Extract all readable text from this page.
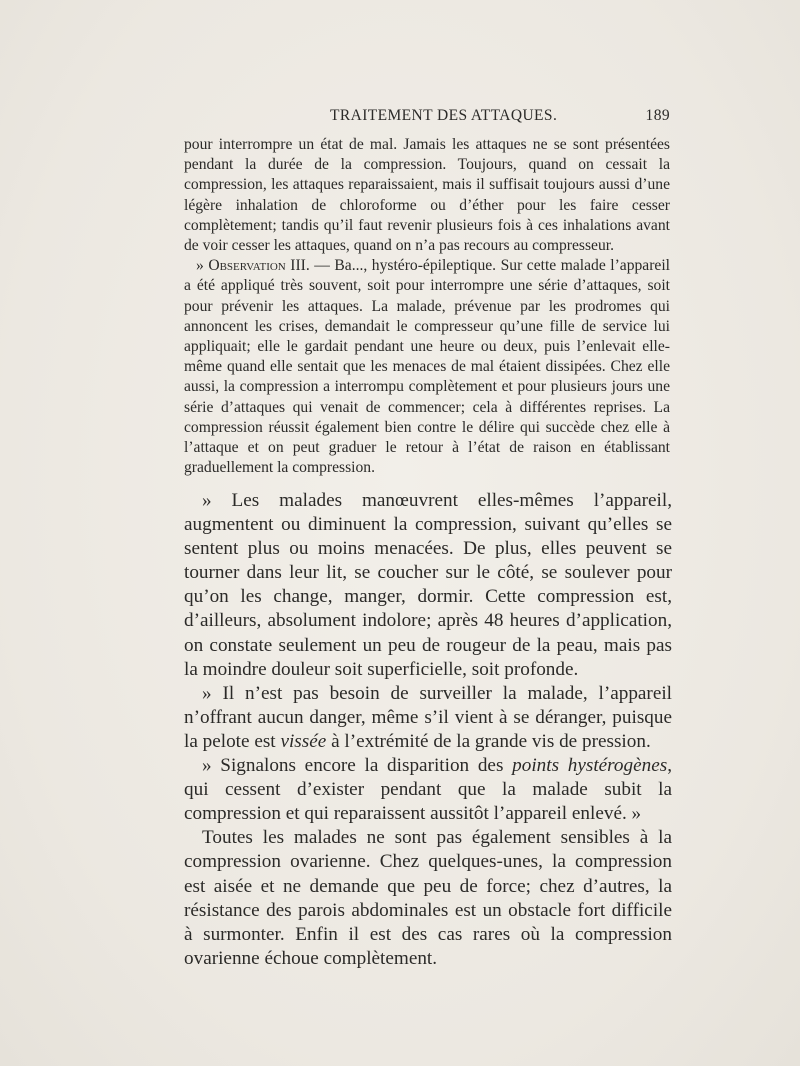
TRAITEMENT DES ATTAQUES.	189

pour interrompre un état de mal. Jamais les attaques ne se sont présentées pendant la durée de la compression. Toujours, quand on cessait la compression, les attaques reparaissaient, mais il suffisait toujours aussi d’une légère inhalation de chloroforme ou d’éther pour les faire cesser complètement; tandis qu’il faut revenir plusieurs fois à ces inhalations avant de voir cesser les attaques, quand on n’a pas recours au compresseur.

» Observation III. — Ba..., hystéro-épileptique. Sur cette malade l’appareil a été appliqué très souvent, soit pour interrompre une série d’attaques, soit pour prévenir les attaques. La malade, prévenue par les prodromes qui annoncent les crises, demandait le compresseur qu’une fille de service lui appliquait; elle le gardait pendant une heure ou deux, puis l’enlevait elle-même quand elle sentait que les menaces de mal étaient dissipées. Chez elle aussi, la compression a interrompu complètement et pour plusieurs jours une série d’attaques qui venait de commencer; cela à différentes reprises. La compression réussit également bien contre le délire qui succède chez elle à l’attaque et on peut graduer le retour à l’état de raison en établissant graduellement la compression.

» Les malades manœuvrent elles-mêmes l’appareil, augmentent ou diminuent la compression, suivant qu’elles se sentent plus ou moins menacées. De plus, elles peuvent se tourner dans leur lit, se coucher sur le côté, se soulever pour qu’on les change, manger, dormir. Cette compression est, d’ailleurs, absolument indolore; après 48 heures d’application, on constate seulement un peu de rougeur de la peau, mais pas la moindre douleur soit superficielle, soit profonde.

» Il n’est pas besoin de surveiller la malade, l’appareil n’offrant aucun danger, même s’il vient à se déranger, puisque la pelote est vissée à l’extrémité de la grande vis de pression.

» Signalons encore la disparition des points hystérogènes, qui cessent d’exister pendant que la malade subit la compression et qui reparaissent aussitôt l’appareil enlevé. »

Toutes les malades ne sont pas également sensibles à la compression ovarienne. Chez quelques-unes, la compression est aisée et ne demande que peu de force; chez d’autres, la résistance des parois abdominales est un obstacle fort difficile à surmonter. Enfin il est des cas rares où la compression ovarienne échoue complètement.
